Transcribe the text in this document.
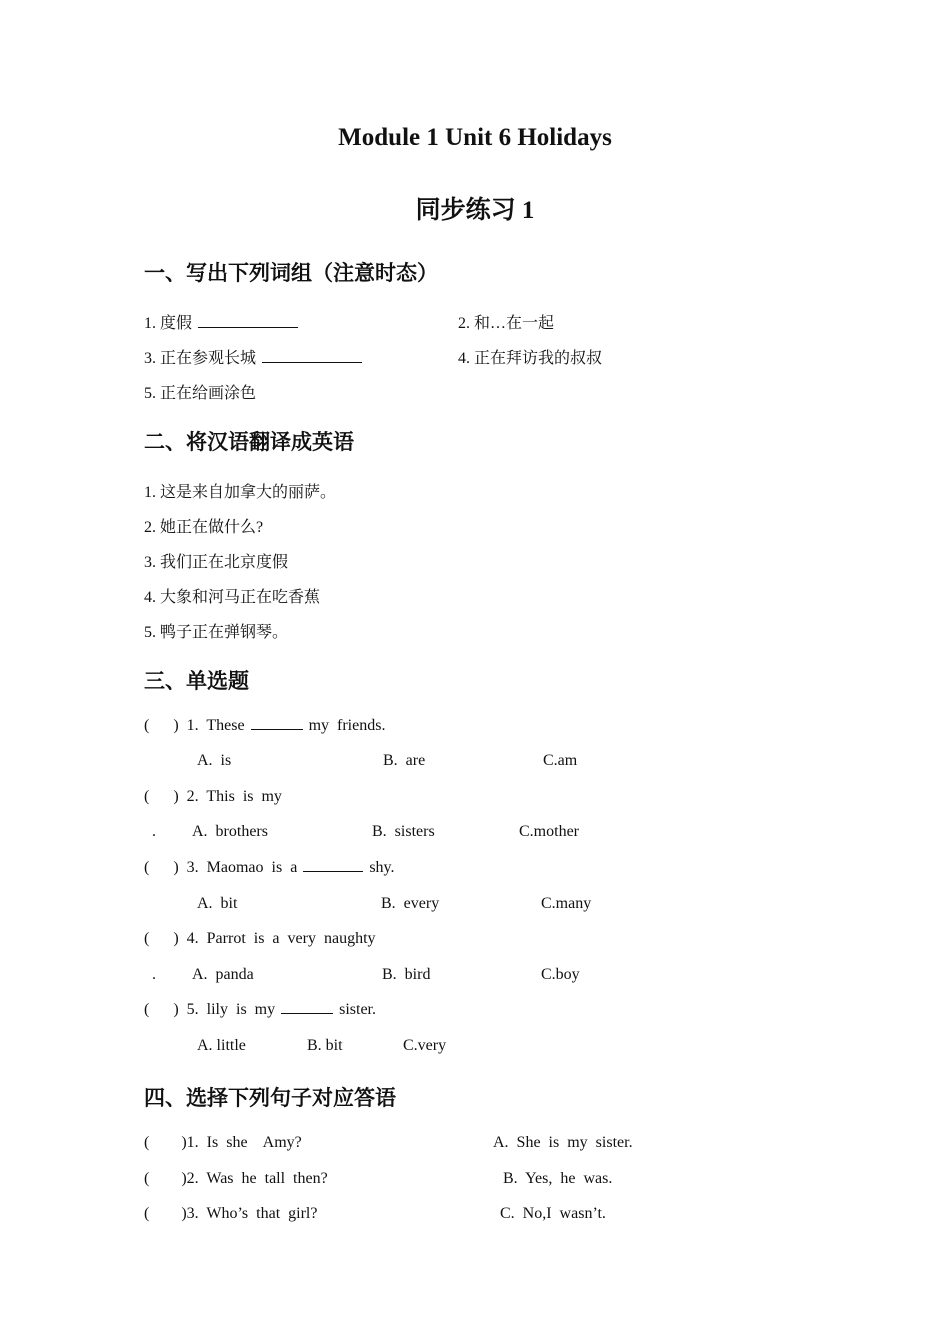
Module 1 Unit 6 Holidays
同步练习 1
一、写出下列词组（注意时态）
1. 度假	2. 和…在一起
3. 正在参观长城	4. 正在拜访我的叔叔
5. 正在给画涂色
二、将汉语翻译成英语
1. 这是来自加拿大的丽萨。
2. 她正在做什么?
3. 我们正在北京度假
4. 大象和河马正在吃香蕉
5. 鸭子正在弹钢琴。
三、单选题
(      ) 1.  These	my  friends.
A.  is	B.  are	C.am
(      ) 2.  This  is  my
. A.  brothers	B.  sisters	C.mother
(      ) 3.  Maomao  is  a	shy.
A.  bit	B.  every	C.many
(      ) 4.  Parrot  is  a  very  naughty
. A.  panda	B.  bird	C.boy
(      ) 5.  lily  is  my	sister.
A. little	B. bit	C.very
四、选择下列句子对应答语
(        )1.  Is  she    Amy?	A.  She  is  my  sister.
(        )2.  Was  he  tall  then?	B.  Yes,  he  was.
(        )3.  Who’s  that  girl?	C.  No,I  wasn’t.
